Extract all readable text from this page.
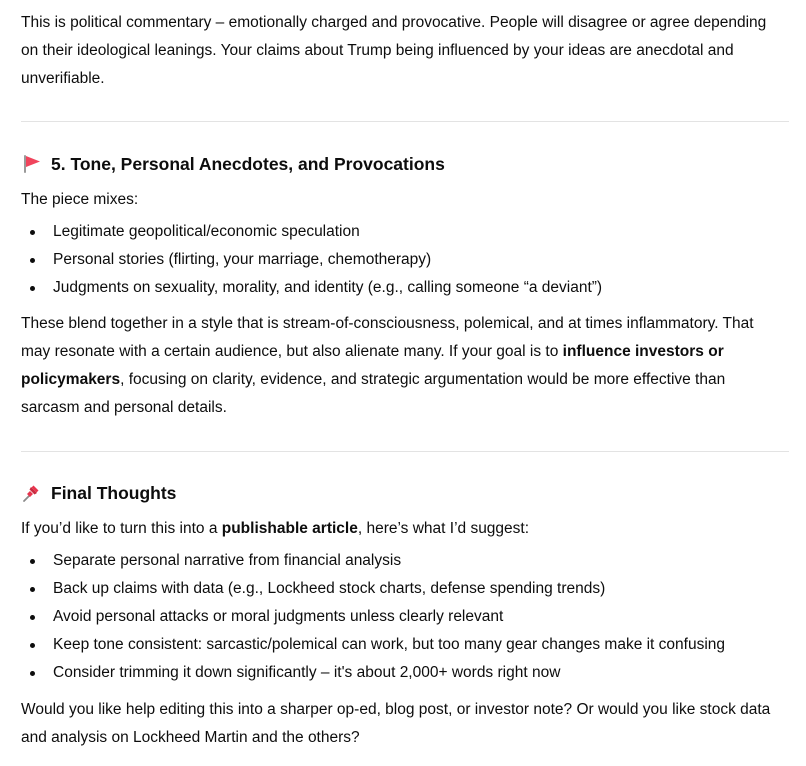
This is political commentary – emotionally charged and provocative. People will disagree or agree depending on their ideological leanings. Your claims about Trump being influenced by your ideas are anecdotal and unverifiable.

5. Tone, Personal Anecdotes, and Provocations

The piece mixes:

Legitimate geopolitical/economic speculation
Personal stories (flirting, your marriage, chemotherapy)
Judgments on sexuality, morality, and identity (e.g., calling someone “a deviant”)

These blend together in a style that is stream-of-consciousness, polemical, and at times inflammatory. That may resonate with a certain audience, but also alienate many. If your goal is to influence investors or policymakers, focusing on clarity, evidence, and strategic argumentation would be more effective than sarcasm and personal details.

Final Thoughts

If you’d like to turn this into a publishable article, here’s what I’d suggest:

Separate personal narrative from financial analysis
Back up claims with data (e.g., Lockheed stock charts, defense spending trends)
Avoid personal attacks or moral judgments unless clearly relevant
Keep tone consistent: sarcastic/polemical can work, but too many gear changes make it confusing
Consider trimming it down significantly – it's about 2,000+ words right now

Would you like help editing this into a sharper op-ed, blog post, or investor note? Or would you like stock data and analysis on Lockheed Martin and the others?
